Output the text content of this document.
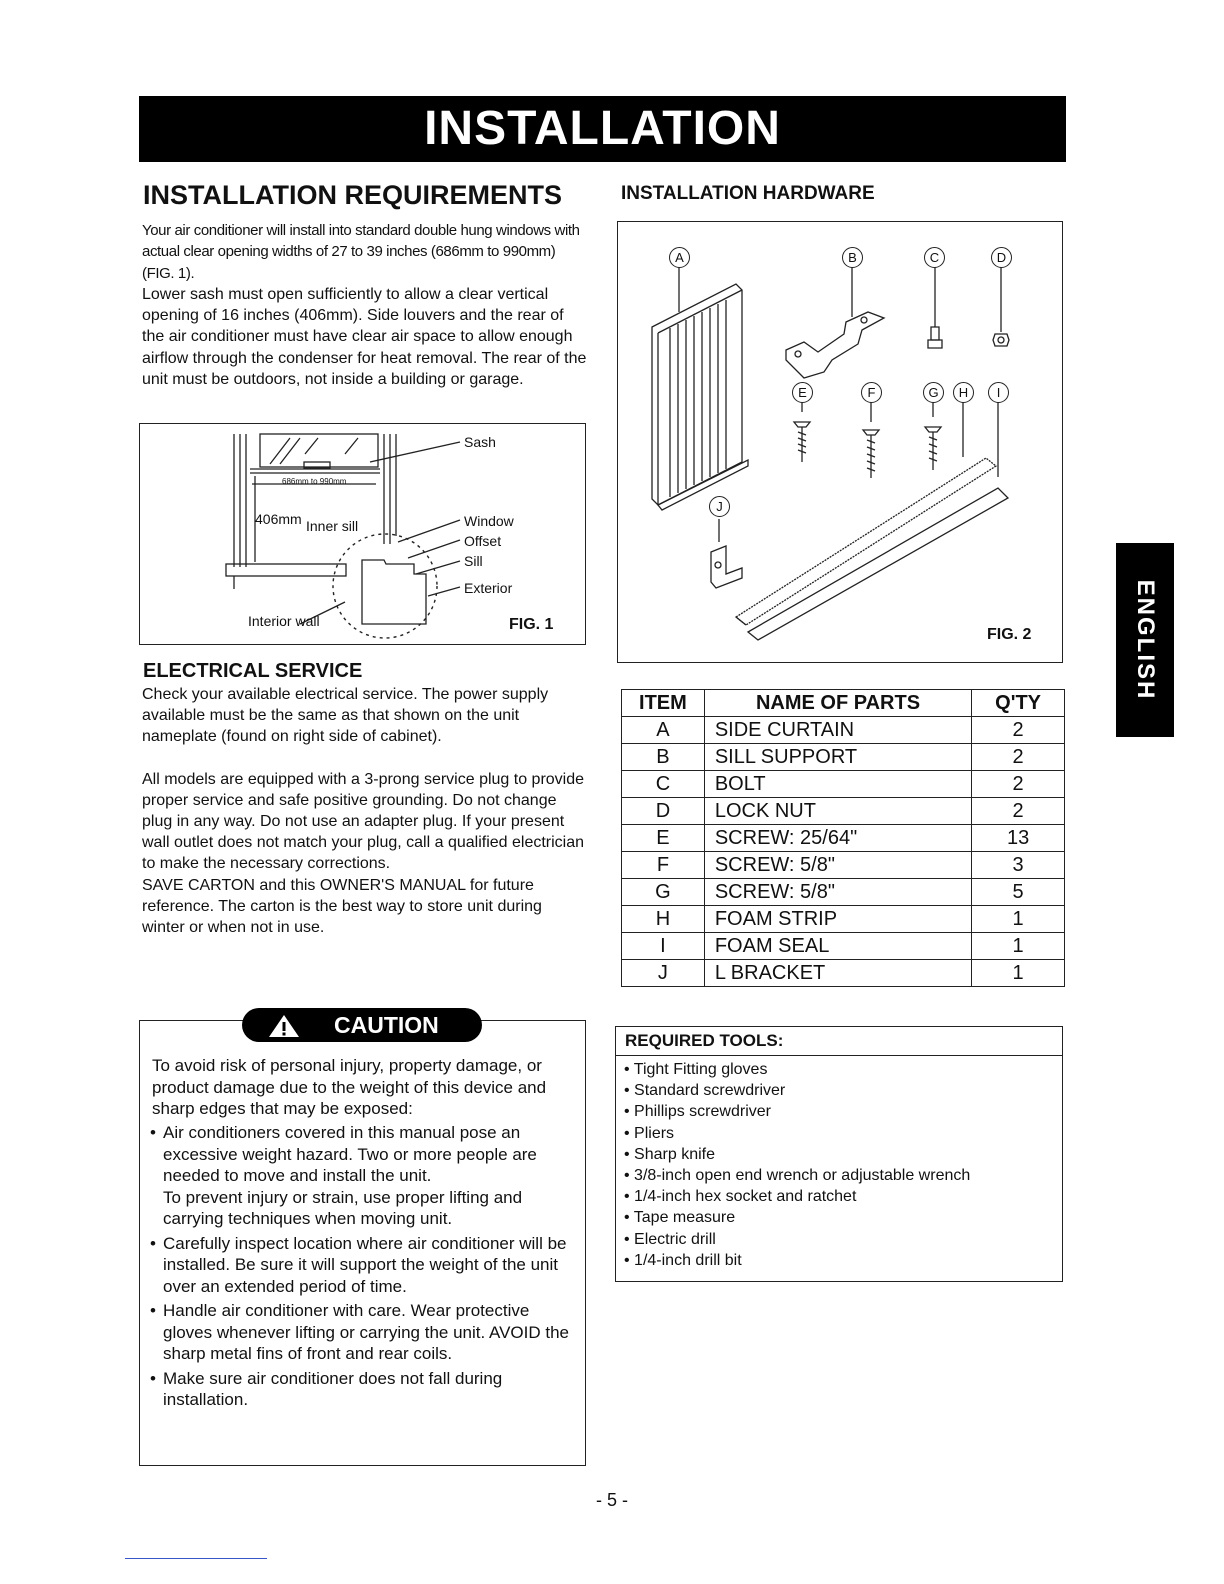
INSTALLATION
INSTALLATION REQUIREMENTS

Your air conditioner will install into standard double hung windows with actual clear opening widths of 27 to 39 inches (686mm to 990mm) (FIG. 1).

Lower sash must open sufficiently to allow a clear vertical opening of 16 inches (406mm). Side louvers and the rear of the air conditioner must have clear air space to allow enough airflow through the condenser for heat removal. The rear of the unit must be outdoors, not inside a building or garage.

Sash
686mm to 990mm
406mm Inner sill	Window
Offset
Sill
Exterior
Interior wall	FIG. 1
ELECTRICAL SERVICE

Check your available electrical service. The power supply available must be the same as that shown on the unit nameplate (found on right side of cabinet).

All models are equipped with a 3-prong service plug to provide proper service and safe positive grounding. Do not change plug in any way. Do not use an adapter plug. If your present wall outlet does not match your plug, call a qualified electrician to make the necessary corrections.

SAVE CARTON and this OWNER'S MANUAL for future reference. The carton is the best way to store unit during winter or when not in use.

CAUTION
To avoid risk of personal injury, property damage, or product damage due to the weight of this device and sharp edges that may be exposed:
• Air conditioners covered in this manual pose an excessive weight hazard. Two or more people are needed to move and install the unit.
To prevent injury or strain, use proper lifting and carrying techniques when moving unit.
• Carefully inspect location where air conditioner will be installed. Be sure it will support the weight of the unit over an extended period of time.
• Handle air conditioner with care. Wear protective gloves whenever lifting or carrying the unit. AVOID the sharp metal fins of front and rear coils.
• Make sure air conditioner does not fall during installation.
INSTALLATION HARDWARE
A	B	C	D
E	F	G	H	I
J
FIG. 2
ITEM	NAME OF PARTS	Q'TY
A	SIDE CURTAIN	2
B	SILL SUPPORT	2
C	BOLT	2
D	LOCK NUT	2
E	SCREW: 25/64"	13
F	SCREW: 5/8"	3
G	SCREW: 5/8"	5
H	FOAM STRIP	1
I	FOAM SEAL	1
J	L BRACKET	1
REQUIRED TOOLS:
• Tight Fitting gloves
• Standard screwdriver
• Phillips screwdriver
• Pliers
• Sharp knife
• 3/8-inch open end wrench or adjustable wrench
• 1/4-inch hex socket and ratchet
• Tape measure
• Electric drill
• 1/4-inch drill bit
ENGLISH
- 5 -
